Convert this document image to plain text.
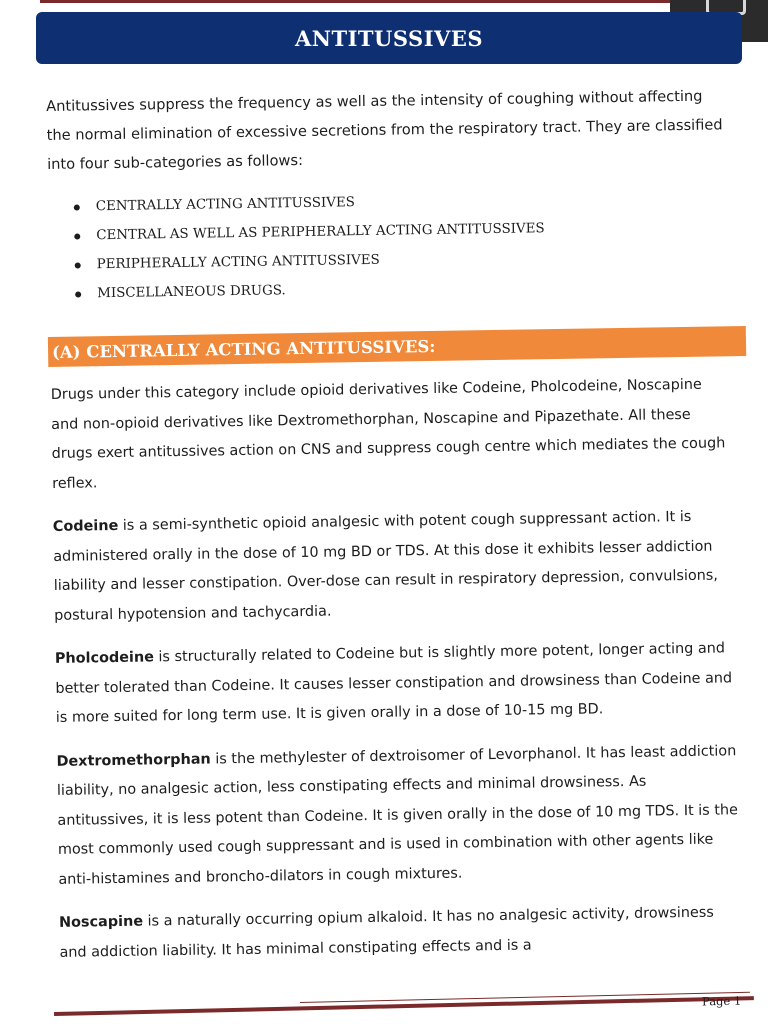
ANTITUSSIVES

Antitussives suppress the frequency as well as the intensity of coughing without affecting the normal elimination of excessive secretions from the respiratory tract. They are classified into four sub-categories as follows:

CENTRALLY ACTING ANTITUSSIVES
CENTRAL AS WELL AS PERIPHERALLY ACTING ANTITUSSIVES
PERIPHERALLY ACTING ANTITUSSIVES
MISCELLANEOUS DRUGS.
(A) CENTRALLY ACTING ANTITUSSIVES:

Drugs under this category include opioid derivatives like Codeine, Pholcodeine, Noscapine and non-opioid derivatives like Dextromethorphan, Noscapine and Pipazethate. All these drugs exert antitussives action on CNS and suppress cough centre which mediates the cough reflex.

Codeine is a semi-synthetic opioid analgesic with potent cough suppressant action. It is administered orally in the dose of 10 mg BD or TDS. At this dose it exhibits lesser addiction liability and lesser constipation. Over-dose can result in respiratory depression, convulsions, postural hypotension and tachycardia.

Pholcodeine is structurally related to Codeine but is slightly more potent, longer acting and better tolerated than Codeine. It causes lesser constipation and drowsiness than Codeine and is more suited for long term use. It is given orally in a dose of 10-15 mg BD.

Dextromethorphan is the methylester of dextroisomer of Levorphanol. It has least addiction liability, no analgesic action, less constipating effects and minimal drowsiness. As antitussives, it is less potent than Codeine. It is given orally in the dose of 10 mg TDS. It is the most commonly used cough suppressant and is used in combination with other agents like anti-histamines and broncho-dilators in cough mixtures.

Noscapine is a naturally occurring opium alkaloid. It has no analgesic activity, drowsiness and addiction liability. It has minimal constipating effects and is a

Page 1
